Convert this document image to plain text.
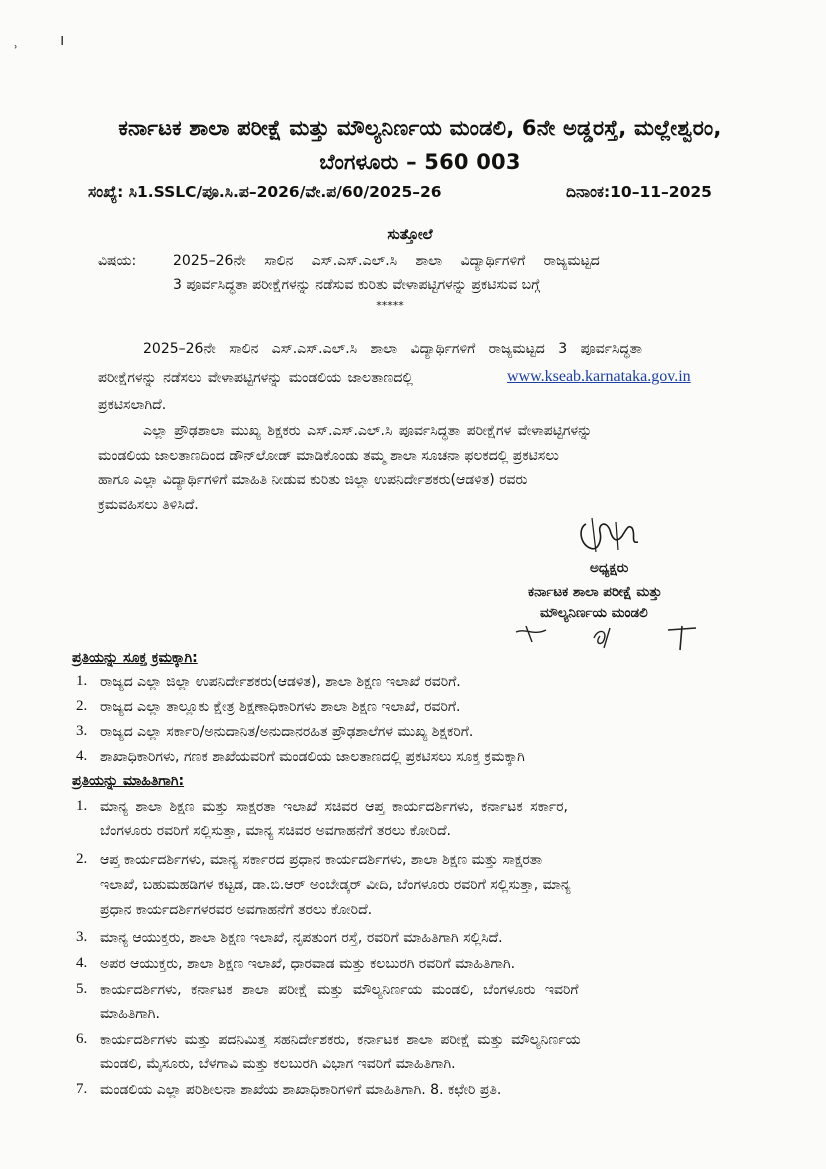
ı
ʾ
ಕರ್ನಾಟಕ ಶಾಲಾ ಪರೀಕ್ಷೆ ಮತ್ತು ಮೌಲ್ಯನಿರ್ಣಯ ಮಂಡಲಿ, 6ನೇ ಅಡ್ಡರಸ್ತೆ, ಮಲ್ಲೇಶ್ವರಂ,
ಬೆಂಗಳೂರು – 560 003
ಸಂಖ್ಯೆ: ಸಿ1.SSLC/ಪೂ.ಸಿ.ಪ–2026/ವೇ.ಪ/60/2025–26	ದಿನಾಂಕ:10–11–2025
ಸುತ್ತೋಲೆ
ವಿಷಯ:	2025–26ನೇ ಸಾಲಿನ ಎಸ್.ಎಸ್.ಎಲ್.ಸಿ ಶಾಲಾ ವಿದ್ಯಾರ್ಥಿಗಳಿಗೆ ರಾಜ್ಯಮಟ್ಟದ
3 ಪೂರ್ವಸಿದ್ಧತಾ ಪರೀಕ್ಷೆಗಳನ್ನು ನಡೆಸುವ ಕುರಿತು ವೇಳಾಪಟ್ಟಿಗಳನ್ನು ಪ್ರಕಟಿಸುವ ಬಗ್ಗೆ
*****
2025–26ನೇ ಸಾಲಿನ ಎಸ್.ಎಸ್.ಎಲ್.ಸಿ ಶಾಲಾ ವಿದ್ಯಾರ್ಥಿಗಳಿಗೆ ರಾಜ್ಯಮಟ್ಟದ 3 ಪೂರ್ವಸಿದ್ಧತಾ
ಪರೀಕ್ಷೆಗಳನ್ನು ನಡೆಸಲು ವೇಳಾಪಟ್ಟಿಗಳನ್ನು ಮಂಡಲಿಯ ಜಾಲತಾಣದಲ್ಲಿ	www.kseab.karnataka.gov.in
ಪ್ರಕಟಿಸಲಾಗಿದೆ.
ಎಲ್ಲಾ ಪ್ರೌಢಶಾಲಾ ಮುಖ್ಯ ಶಿಕ್ಷಕರು ಎಸ್.ಎಸ್.ಎಲ್.ಸಿ ಪೂರ್ವಸಿದ್ಧತಾ ಪರೀಕ್ಷೆಗಳ ವೇಳಾಪಟ್ಟಿಗಳನ್ನು
ಮಂಡಲಿಯ ಜಾಲತಾಣದಿಂದ ಡೌನ್‌ಲೋಡ್ ಮಾಡಿಕೊಂಡು ತಮ್ಮ ಶಾಲಾ ಸೂಚನಾ ಫಲಕದಲ್ಲಿ ಪ್ರಕಟಿಸಲು
ಹಾಗೂ ಎಲ್ಲಾ ವಿದ್ಯಾರ್ಥಿಗಳಿಗೆ ಮಾಹಿತಿ ನೀಡುವ ಕುರಿತು ಜಿಲ್ಲಾ ಉಪನಿರ್ದೇಶಕರು(ಆಡಳಿತ) ರವರು
ಕ್ರಮವಹಿಸಲು ತಿಳಿಸಿದೆ.
ಅಧ್ಯಕ್ಷರು
ಕರ್ನಾಟಕ ಶಾಲಾ ಪರೀಕ್ಷೆ ಮತ್ತು
ಮೌಲ್ಯನಿರ್ಣಯ ಮಂಡಲಿ
ಪ್ರತಿಯನ್ನು ಸೂಕ್ತ ಕ್ರಮಕ್ಕಾಗಿ:
1. ರಾಜ್ಯದ ಎಲ್ಲಾ ಜಿಲ್ಲಾ ಉಪನಿರ್ದೇಶಕರು(ಆಡಳಿತ), ಶಾಲಾ ಶಿಕ್ಷಣ ಇಲಾಖೆ ರವರಿಗೆ.
2. ರಾಜ್ಯದ ಎಲ್ಲಾ ತಾಲ್ಲೂಕು ಕ್ಷೇತ್ರ ಶಿಕ್ಷಣಾಧಿಕಾರಿಗಳು ಶಾಲಾ ಶಿಕ್ಷಣ ಇಲಾಖೆ, ರವರಿಗೆ.
3. ರಾಜ್ಯದ ಎಲ್ಲಾ ಸರ್ಕಾರಿ/ಅನುದಾನಿತ/ಅನುದಾನರಹಿತ ಪ್ರೌಢಶಾಲೆಗಳ ಮುಖ್ಯ ಶಿಕ್ಷಕರಿಗೆ.
4. ಶಾಖಾಧಿಕಾರಿಗಳು, ಗಣಕ ಶಾಖೆಯವರಿಗೆ ಮಂಡಲಿಯ ಜಾಲತಾಣದಲ್ಲಿ ಪ್ರಕಟಿಸಲು ಸೂಕ್ತ ಕ್ರಮಕ್ಕಾಗಿ
ಪ್ರತಿಯನ್ನು ಮಾಹಿತಿಗಾಗಿ:
1. ಮಾನ್ಯ ಶಾಲಾ ಶಿಕ್ಷಣ ಮತ್ತು ಸಾಕ್ಷರತಾ ಇಲಾಖೆ ಸಚಿವರ ಆಪ್ತ ಕಾರ್ಯದರ್ಶಿಗಳು, ಕರ್ನಾಟಕ ಸರ್ಕಾರ,
ಬೆಂಗಳೂರು ರವರಿಗೆ ಸಲ್ಲಿಸುತ್ತಾ, ಮಾನ್ಯ ಸಚಿವರ ಅವಗಾಹನೆಗೆ ತರಲು ಕೋರಿದೆ.
2. ಆಪ್ತ ಕಾರ್ಯದರ್ಶಿಗಳು, ಮಾನ್ಯ ಸರ್ಕಾರದ ಪ್ರಧಾನ ಕಾರ್ಯದರ್ಶಿಗಳು, ಶಾಲಾ ಶಿಕ್ಷಣ ಮತ್ತು ಸಾಕ್ಷರತಾ
ಇಲಾಖೆ, ಬಹುಮಹಡಿಗಳ ಕಟ್ಟಡ, ಡಾ.ಬಿ.ಆರ್ ಅಂಬೇಡ್ಕರ್ ವೀದಿ, ಬೆಂಗಳೂರು ರವರಿಗೆ ಸಲ್ಲಿಸುತ್ತಾ, ಮಾನ್ಯ
ಪ್ರಧಾನ ಕಾರ್ಯದರ್ಶಿಗಳರವರ ಅವಗಾಹನೆಗೆ ತರಲು ಕೋರಿದೆ.
3. ಮಾನ್ಯ ಆಯುಕ್ತರು, ಶಾಲಾ ಶಿಕ್ಷಣ ಇಲಾಖೆ, ನೃಪತುಂಗ ರಸ್ತೆ, ರವರಿಗೆ ಮಾಹಿತಿಗಾಗಿ ಸಲ್ಲಿಸಿದೆ.
4. ಅಪರ ಆಯುಕ್ತರು, ಶಾಲಾ ಶಿಕ್ಷಣ ಇಲಾಖೆ, ಧಾರವಾಡ ಮತ್ತು ಕಲಬುರಗಿ ರವರಿಗೆ ಮಾಹಿತಿಗಾಗಿ.
5. ಕಾರ್ಯದರ್ಶಿಗಳು, ಕರ್ನಾಟಕ ಶಾಲಾ ಪರೀಕ್ಷೆ ಮತ್ತು ಮೌಲ್ಯನಿರ್ಣಯ ಮಂಡಲಿ, ಬೆಂಗಳೂರು ಇವರಿಗೆ
ಮಾಹಿತಿಗಾಗಿ.
6. ಕಾರ್ಯದರ್ಶಿಗಳು ಮತ್ತು ಪದನಿಮಿತ್ತ ಸಹನಿರ್ದೇಶಕರು, ಕರ್ನಾಟಕ ಶಾಲಾ ಪರೀಕ್ಷೆ ಮತ್ತು ಮೌಲ್ಯನಿರ್ಣಯ
ಮಂಡಲಿ, ಮೈಸೂರು, ಬೆಳಗಾವಿ ಮತ್ತು ಕಲಬುರಗಿ ವಿಭಾಗ ಇವರಿಗೆ ಮಾಹಿತಿಗಾಗಿ.
7. ಮಂಡಲಿಯ ಎಲ್ಲಾ ಪರಿಶೀಲನಾ ಶಾಖೆಯ ಶಾಖಾಧಿಕಾರಿಗಳಿಗೆ ಮಾಹಿತಿಗಾಗಿ. 8. ಕಛೇರಿ ಪ್ರತಿ.
